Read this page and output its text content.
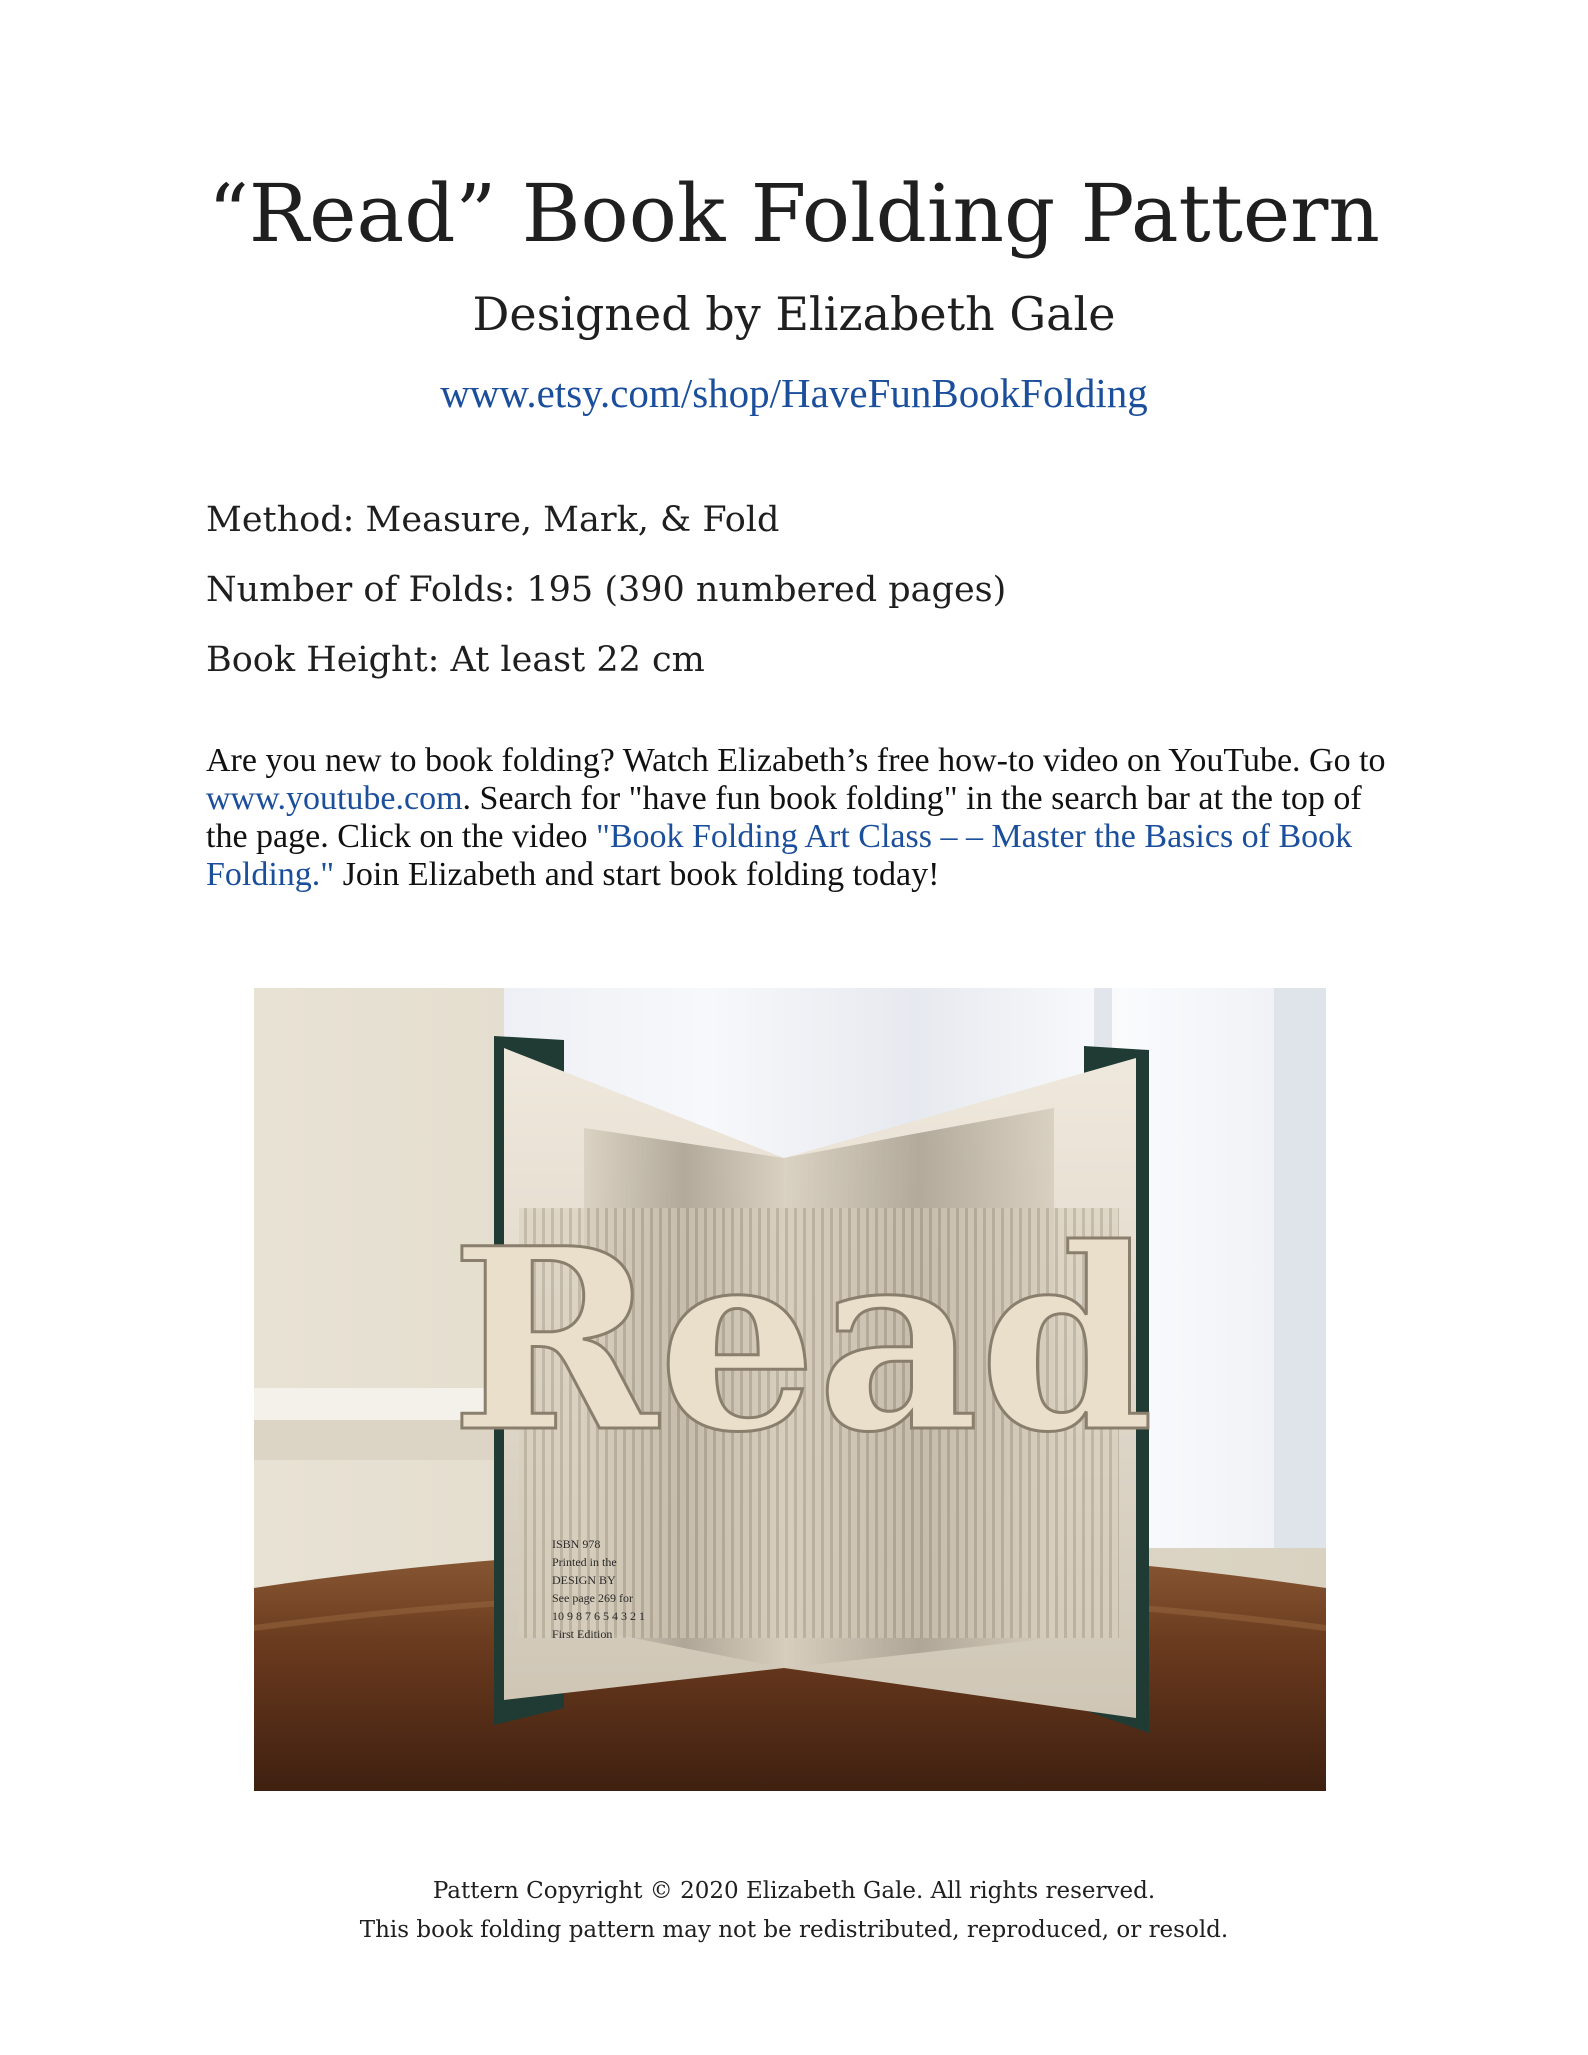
“Read” Book Folding Pattern
Designed by Elizabeth Gale
www.etsy.com/shop/HaveFunBookFolding
Method: Measure, Mark, & Fold
Number of Folds: 195 (390 numbered pages)
Book Height: At least 22 cm
Are you new to book folding? Watch Elizabeth’s free how-to video on YouTube. Go to www.youtube.com. Search for "have fun book folding" in the search bar at the top of the page. Click on the video "Book Folding Art Class – – Master the Basics of Book Folding." Join Elizabeth and start book folding today!
ISBN 978
Printed in the
DESIGN BY
See page 269 for
10 9 8 7 6 5 4 3 2 1
First Edition
Read
Pattern Copyright © 2020 Elizabeth Gale. All rights reserved.
This book folding pattern may not be redistributed, reproduced, or resold.
